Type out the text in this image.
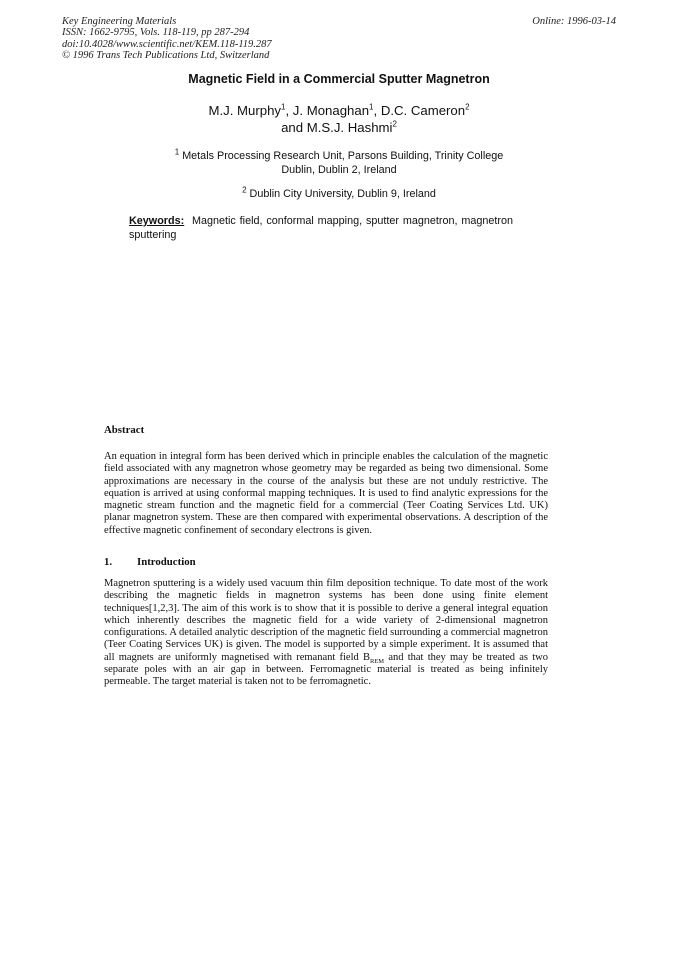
Key Engineering Materials
ISSN: 1662-9795, Vols. 118-119, pp 287-294
doi:10.4028/www.scientific.net/KEM.118-119.287
© 1996 Trans Tech Publications Ltd, Switzerland
Online: 1996-03-14
Magnetic Field in a Commercial Sputter Magnetron
M.J. Murphy$^1$, J. Monaghan$^1$, D.C. Cameron$^2$
and M.S.J. Hashmi$^2$
$^1$ Metals Processing Research Unit, Parsons Building, Trinity College
Dublin, Dublin 2, Ireland
$^2$ Dublin City University, Dublin 9, Ireland
Keywords: Magnetic field, conformal mapping, sputter magnetron, magnetron sputtering
Abstract

An equation in integral form has been derived which in principle enables the calculation of the magnetic field associated with any magnetron whose geometry may be regarded as being two dimensional. Some approximations are necessary in the course of the analysis but these are not unduly restrictive. The equation is arrived at using conformal mapping techniques. It is used to find analytic expressions for the magnetic stream function and the magnetic field for a commercial (Teer Coating Services Ltd. UK) planar magnetron system. These are then compared with experimental observations. A description of the effective magnetic confinement of secondary electrons is given.

1. Introduction

Magnetron sputtering is a widely used vacuum thin film deposition technique. To date most of the work describing the magnetic fields in magnetron systems has been done using finite element techniques[1,2,3]. The aim of this work is to show that it is possible to derive a general integral equation which inherently describes the magnetic field for a wide variety of 2-dimensional magnetron configurations. A detailed analytic description of the magnetic field surrounding a commercial magnetron (Teer Coating Services UK) is given. The model is supported by a simple experiment. It is assumed that all magnets are uniformly magnetised with remanant field $B_{REM}$ and that they may be treated as two separate poles with an air gap in between. Ferromagnetic material is treated as being infinitely permeable. The target material is taken not to be ferromagnetic.
